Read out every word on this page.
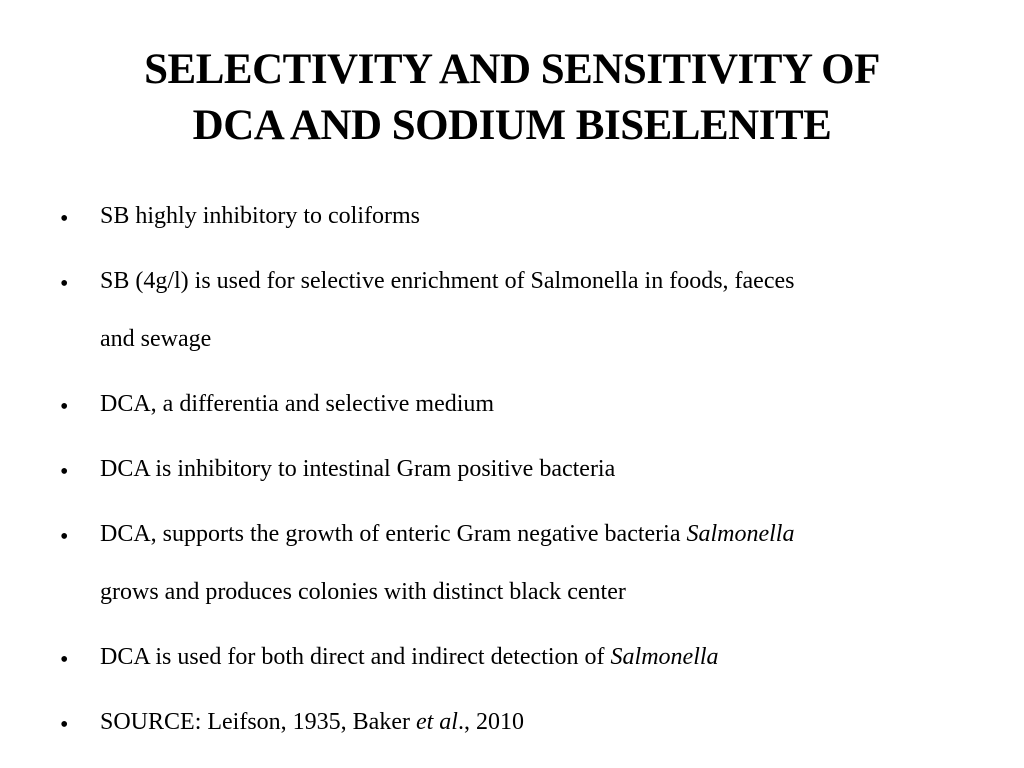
SELECTIVITY AND SENSITIVITY OF
DCA AND SODIUM BISELENITE
• SB highly inhibitory to coliforms
• SB (4g/l) is used for selective enrichment of Salmonella in foods, faeces
and sewage
• DCA, a differentia and selective medium
• DCA is inhibitory to intestinal Gram positive bacteria
• DCA, supports the growth of enteric Gram negative bacteria Salmonella
grows and produces colonies with distinct black center
• DCA is used for both direct and indirect detection of Salmonella
• SOURCE: Leifson, 1935, Baker et al., 2010
